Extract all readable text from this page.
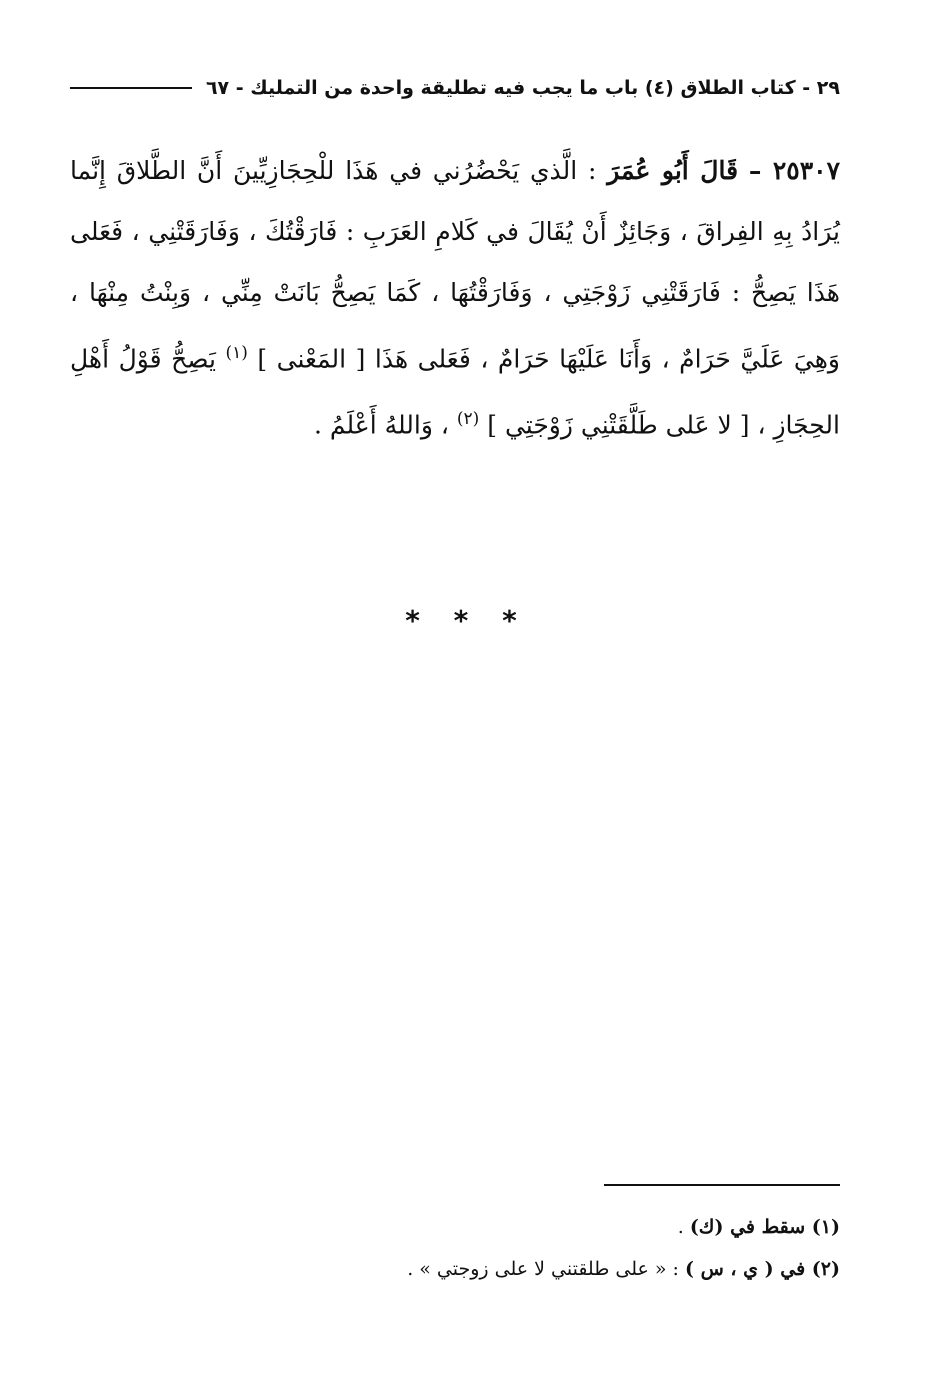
٢٩ - كتاب الطلاق (٤) باب ما يجب فيه تطليقة واحدة من التمليك - ٦٧
٢٥٣٠٧ – قَالَ أَبُو عُمَرَ : الَّذي يَحْضُرُني في هَذَا للْحِجَازِيِّينَ أَنَّ الطَّلاقَ إِنَّما يُرَادُ بِهِ الفِراقَ ، وَجَائِزٌ أَنْ يُقَالَ في كَلامِ العَرَبِ : فَارَقْتُكَ ، وَفَارَقَتْنِي ، فَعَلى هَذَا يَصِحُّ : فَارَقَتْنِي زَوْجَتِي ، وَفَارَقْتُهَا ، كَمَا يَصِحُّ بَانَتْ مِنِّي ، وَبِنْتُ مِنْهَا ، وَهِيَ عَلَيَّ حَرَامٌ ، وَأَنَا عَلَيْهَا حَرَامٌ ، فَعَلى هَذَا [ المَعْنى ] $^{(١)}$ يَصِحُّ قَوْلُ أَهْلِ الحِجَازِ ، [ لا عَلى طَلَّقَتْنِي زَوْجَتِي ] $^{(٢)}$ ، وَاللهُ أَعْلَمُ .
* * *
(١) سقط في (ك) .
(٢) في ( ي ، س ) : « على طلقتني لا على زوجتي » .
